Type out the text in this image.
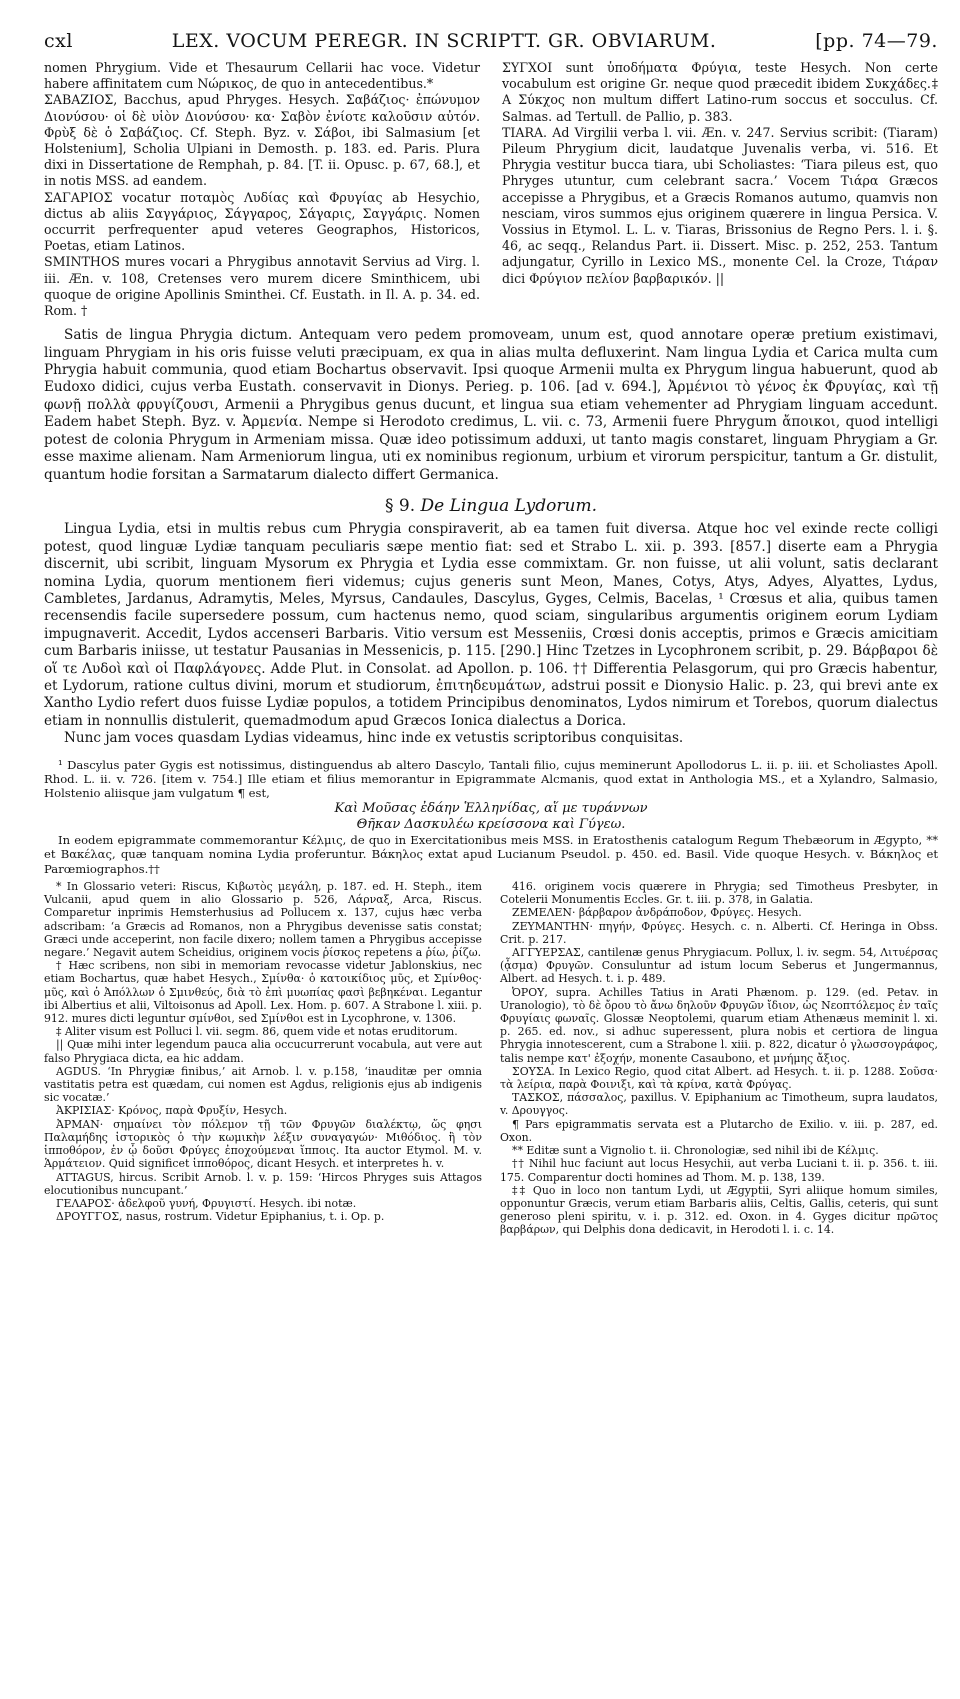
cxl	LEX. VOCUM PEREGR. IN SCRIPTT. GR. OBVIARUM.	[pp. 74—79.

nomen Phrygium. Vide et Thesaurum Cellarii hac voce. Videtur habere affinitatem cum Νώρικος, de quo in antecedentibus.*

ΣΑΒΑΖΙΟΣ, Bacchus, apud Phryges. Hesych. Σαβάζιος· ἐπώνυμον Διονύσου· οἱ δὲ υἱὸν Διονύσου· κα· Σαβὸν ἐνίοτε καλοῦσιν αὐτόν. Φρὺξ δὲ ὁ Σαβάζιος. Cf. Steph. Byz. v. Σάβοι, ibi Salmasium [et Holstenium], Scholia Ulpiani in Demosth. p. 183. ed. Paris. Plura dixi in Dissertatione de Remphah, p. 84. [T. ii. Opusc. p. 67, 68.], et in notis MSS. ad eandem.

ΣΑΓΑΡΙΟΣ vocatur ποταμὸς Λυδίας καὶ Φρυγίας ab Hesychio, dictus ab aliis Σαγγάριος, Σάγγαρος, Σάγαρις, Σαγγάρις. Nomen occurrit perfrequenter apud veteres Geographos, Historicos, Poetas, etiam Latinos.

SMINTHOS mures vocari a Phrygibus annotavit Servius ad Virg. l. iii. Æn. v. 108, Cretenses vero murem dicere Sminthicem, ubi quoque de origine Apollinis Sminthei. Cf. Eustath. in Il. A. p. 34. ed. Rom. †

ΣΥΓΧΟΙ sunt ὑποδήματα Φρύγια, teste Hesych. Non certe vocabulum est origine Gr. neque quod præcedit ibidem Συκχάδες.‡ A Σύκχος non multum differt Latino-rum soccus et socculus. Cf. Salmas. ad Tertull. de Pallio, p. 383.

TIARA. Ad Virgilii verba l. vii. Æn. v. 247. Servius scribit: (Tiaram) Pileum Phrygium dicit, laudatque Juvenalis verba, vi. 516. Et Phrygia vestitur bucca tiara, ubi Scholiastes: ‘Tiara pileus est, quo Phryges utuntur, cum celebrant sacra.’ Vocem Τιάρα Græcos accepisse a Phrygibus, et a Græcis Romanos autumo, quamvis non nesciam, viros summos ejus originem quærere in lingua Persica. V. Vossius in Etymol. L. L. v. Tiaras, Brissonius de Regno Pers. l. i. §. 46, ac seqq., Relandus Part. ii. Dissert. Misc. p. 252, 253. Tantum adjungatur, Cyrillo in Lexico MS., monente Cel. la Croze, Τιάραν dici Φρύγιον πελίον βαρβαρικόν. ||

Satis de lingua Phrygia dictum. Antequam vero pedem promoveam, unum est, quod annotare operæ pretium existimavi, linguam Phrygiam in his oris fuisse veluti præcipuam, ex qua in alias multa defluxerint. Nam lingua Lydia et Carica multa cum Phrygia habuit communia, quod etiam Bochartus observavit. Ipsi quoque Armenii multa ex Phrygum lingua habuerunt, quod ab Eudoxo didici, cujus verba Eustath. conservavit in Dionys. Perieg. p. 106. [ad v. 694.], Ἀρμένιοι τὸ γένος ἐκ Φρυγίας, καὶ τῇ φωνῇ πολλὰ φρυγίζουσι, Armenii a Phrygibus genus ducunt, et lingua sua etiam vehementer ad Phrygiam linguam accedunt. Eadem habet Steph. Byz. v. Ἀρμενία. Nempe si Herodoto credimus, L. vii. c. 73, Armenii fuere Phrygum ἄποικοι, quod intelligi potest de colonia Phrygum in Armeniam missa. Quæ ideo potissimum adduxi, ut tanto magis constaret, linguam Phrygiam a Gr. esse maxime alienam. Nam Armeniorum lingua, uti ex nominibus regionum, urbium et virorum perspicitur, tantum a Gr. distulit, quantum hodie forsitan a Sarmatarum dialecto differt Germanica.

§ 9. De Lingua Lydorum.

Lingua Lydia, etsi in multis rebus cum Phrygia conspiraverit, ab ea tamen fuit diversa. Atque hoc vel exinde recte colligi potest, quod linguæ Lydiæ tanquam peculiaris sæpe mentio fiat: sed et Strabo L. xii. p. 393. [857.] diserte eam a Phrygia discernit, ubi scribit, linguam Mysorum ex Phrygia et Lydia esse commixtam. Gr. non fuisse, ut alii volunt, satis declarant nomina Lydia, quorum mentionem fieri videmus; cujus generis sunt Meon, Manes, Cotys, Atys, Adyes, Alyattes, Lydus, Cambletes, Jardanus, Adramytis, Meles, Myrsus, Candaules, Dascylus, Gyges, Celmis, Bacelas, ¹ Crœsus et alia, quibus tamen recensendis facile supersedere possum, cum hactenus nemo, quod sciam, singularibus argumentis originem eorum Lydiam impugnaverit. Accedit, Lydos accenseri Barbaris. Vitio versum est Messeniis, Crœsi donis acceptis, primos e Græcis amicitiam cum Barbaris iniisse, ut testatur Pausanias in Messenicis, p. 115. [290.] Hinc Tzetzes in Lycophronem scribit, p. 29. Βάρβαροι δὲ οἵ τε Λυδοὶ καὶ οἱ Παφλάγονες. Adde Plut. in Consolat. ad Apollon. p. 106. †† Differentia Pelasgorum, qui pro Græcis habentur, et Lydorum, ratione cultus divini, morum et studiorum, ἐπιτηδευμάτων, adstrui possit e Dionysio Halic. p. 23, qui brevi ante ex Xantho Lydio refert duos fuisse Lydiæ populos, a totidem Principibus denominatos, Lydos nimirum et Torebos, quorum dialectus etiam in nonnullis distulerit, quemadmodum apud Græcos Ionica dialectus a Dorica.

Nunc jam voces quasdam Lydias videamus, hinc inde ex vetustis scriptoribus conquisitas.

¹ Dascylus pater Gygis est notissimus, distinguendus ab altero Dascylo, Tantali filio, cujus meminerunt Apollodorus L. ii. p. iii. et Scholiastes Apoll. Rhod. L. ii. v. 726. [item v. 754.] Ille etiam et filius memorantur in Epigrammate Alcmanis, quod extat in Anthologia MS., et a Xylandro, Salmasio, Holstenio aliisque jam vulgatum ¶ est,

Καὶ Μοῦσας ἐδάην Ἑλληνίδας, αἵ με τυράννων
Θῆκαν Δασκυλέω κρείσσονα καὶ Γύγεω.

In eodem epigrammate commemorantur Κέλμις, de quo in Exercitationibus meis MSS. in Eratosthenis catalogum Regum Thebæorum in Ægypto, ** et Βακέλας, quæ tanquam nomina Lydia proferuntur. Βάκηλος extat apud Lucianum Pseudol. p. 450. ed. Basil. Vide quoque Hesych. v. Βάκηλος et Parœmiographos.††

* In Glossario veteri: Riscus, Κιβωτὸς μεγάλη, p. 187. ed. H. Steph., item Vulcanii, apud quem in alio Glossario p. 526, Λάρναξ, Arca, Riscus. Comparetur inprimis Hemsterhusius ad Pollucem x. 137, cujus hæc verba adscribam: ‘a Græcis ad Romanos, non a Phrygibus devenisse satis constat; Græci unde acceperint, non facile dixero; nollem tamen a Phrygibus accepisse negare.’ Negavit autem Scheidius, originem vocis ῥίσκος repetens a ῥίω, ῥίζω.

† Hæc scribens, non sibi in memoriam revocasse videtur Jablonskius, nec etiam Bochartus, quæ habet Hesych., Σμίνθα· ὁ κατοικίδιος μῦς, et Σμίνθος· μῦς, καὶ ὁ Ἀπόλλων ὁ Σμινθεύς, διὰ τὸ ἐπὶ μυωπίας φασὶ βεβηκέναι. Legantur ibi Albertius et alii, Viltoisonus ad Apoll. Lex. Hom. p. 607. A Strabone l. xiii. p. 912. mures dicti leguntur σμίνθοι, sed Σμίνθοι est in Lycophrone, v. 1306.

‡ Aliter visum est Polluci l. vii. segm. 86, quem vide et notas eruditorum.

|| Quæ mihi inter legendum pauca alia occucurrerunt vocabula, aut vere aut falso Phrygiaca dicta, ea hic addam.

AGDUS. ‘In Phrygiæ finibus,’ ait Arnob. l. v. p.158, ‘inauditæ per omnia vastitatis petra est quædam, cui nomen est Agdus, religionis ejus ab indigenis sic vocatæ.’

ἈΚΡΙΣΙΑΣ· Κρόνος, παρὰ Φρυξίν, Hesych.

ἈΡΜΑΝ· σημαίνει τὸν πόλεμον τῇ τῶν Φρυγῶν διαλέκτῳ, ὥς φησι Παλαμήδης ἱστορικὸς ὁ τὴν κωμικὴν λέξιν συναγαγών· Μιθόδιος. ἢ τὸν ἱπποθόρον, ἐν ᾧ δοῦσι Φρύγες ἐποχούμεναι ἵπποις. Ita auctor Etymol. M. v. Ἁρμάτειον. Quid significet ἱπποθόρος, dicant Hesych. et interpretes h. v.

ATTAGUS, hircus. Scribit Arnob. l. v. p. 159: ‘Hircos Phryges suis Attagos elocutionibus nuncupant.’

ΓΕΛΑΡΟΣ· ἀδελφοῦ γυνή, Φρυγιστί. Hesych. ibi notæ.

ΔΡΟΥΓΓΟΣ, nasus, rostrum. Videtur Epiphanius, t. i. Op. p.

416. originem vocis quærere in Phrygia; sed Timotheus Presbyter, in Cotelerii Monumentis Eccles. Gr. t. iii. p. 378, in Galatia.

ΖΕΜΕΛΕΝ· βάρβαρον ἀνδράποδον, Φρύγες. Hesych.

ΖΕΥΜΑΝΤΗΝ· πηγήν, Φρύγες. Hesych. c. n. Alberti. Cf. Heringa in Obss. Crit. p. 217.

ΑΓΓΥΕΡΣΑΣ, cantilenæ genus Phrygiacum. Pollux, l. iv. segm. 54, Λιτυέρσας (ᾆσμα) Φρυγῶν. Consuluntur ad istum locum Seberus et Jungermannus, Albert. ad Hesych. t. i. p. 489.

ὈΡΟΥ, supra. Achilles Tatius in Arati Phænom. p. 129. (ed. Petav. in Uranologio), τὸ δὲ ὄρου τὸ ἄνω δηλοῦν Φρυγῶν ἴδιον, ὡς Νεοπτόλεμος ἐν ταῖς Φρυγίαις φωναῖς. Glossæ Neoptolemi, quarum etiam Athenæus meminit l. xi. p. 265. ed. nov., si adhuc superessent, plura nobis et certiora de lingua Phrygia innotescerent, cum a Strabone l. xiii. p. 822, dicatur ὁ γλωσσογράφος, talis nempe κατ' ἐξοχήν, monente Casaubono, et μνήμης ἄξιος.

ΣΟΥΣΑ. In Lexico Regio, quod citat Albert. ad Hesych. t. ii. p. 1288. Σοῦσα· τὰ λείρια, παρὰ Φοινιξι, καὶ τὰ κρίνα, κατὰ Φρύγας.

ΤΑΣΚΟΣ, πάσσαλος, paxillus. V. Epiphanium ac Timotheum, supra laudatos, v. Δρουγγος.

¶ Pars epigrammatis servata est a Plutarcho de Exilio. v. iii. p. 287, ed. Oxon.

** Editæ sunt a Vignolio t. ii. Chronologiæ, sed nihil ibi de Κέλμις.

†† Nihil huc faciunt aut locus Hesychii, aut verba Luciani t. ii. p. 356. t. iii. 175. Comparentur docti homines ad Thom. M. p. 138, 139.

‡‡ Quo in loco non tantum Lydi, ut Ægyptii, Syri aliique homum similes, opponuntur Græcis, verum etiam Barbaris aliis, Celtis, Gallis, ceteris, qui sunt generoso pleni spiritu, v. i. p. 312. ed. Oxon. in 4. Gyges dicitur πρῶτος βαρβάρων, qui Delphis dona dedicavit, in Herodoti l. i. c. 14.
